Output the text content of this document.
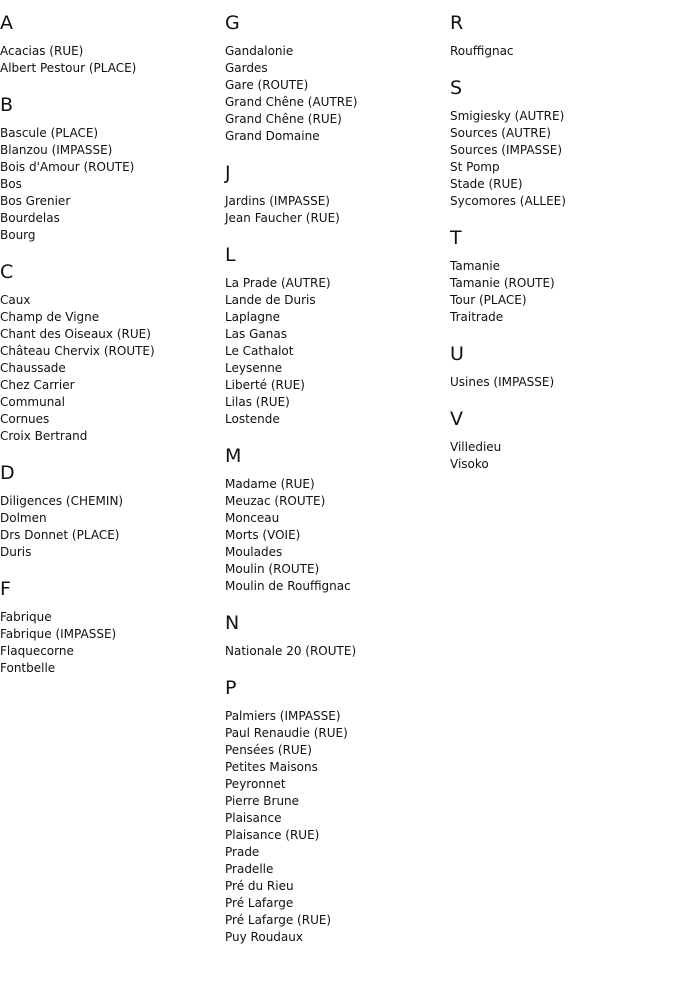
A
Acacias (RUE)
Albert Pestour (PLACE)
B
Bascule (PLACE)
Blanzou (IMPASSE)
Bois d'Amour (ROUTE)
Bos
Bos Grenier
Bourdelas
Bourg
C
Caux
Champ de Vigne
Chant des Oiseaux (RUE)
Château Chervix (ROUTE)
Chaussade
Chez Carrier
Communal
Cornues
Croix Bertrand
D
Diligences (CHEMIN)
Dolmen
Drs Donnet (PLACE)
Duris
F
Fabrique
Fabrique (IMPASSE)
Flaquecorne
Fontbelle
G
Gandalonie
Gardes
Gare (ROUTE)
Grand Chêne (AUTRE)
Grand Chêne (RUE)
Grand Domaine
J
Jardins (IMPASSE)
Jean Faucher (RUE)
L
La Prade (AUTRE)
Lande de Duris
Laplagne
Las Ganas
Le Cathalot
Leysenne
Liberté (RUE)
Lilas (RUE)
Lostende
M
Madame (RUE)
Meuzac (ROUTE)
Monceau
Morts (VOIE)
Moulades
Moulin (ROUTE)
Moulin de Rouffignac
N
Nationale 20 (ROUTE)
P
Palmiers (IMPASSE)
Paul Renaudie (RUE)
Pensées (RUE)
Petites Maisons
Peyronnet
Pierre Brune
Plaisance
Plaisance (RUE)
Prade
Pradelle
Pré du Rieu
Pré Lafarge
Pré Lafarge (RUE)
Puy Roudaux
R
Rouffignac
S
Smigiesky (AUTRE)
Sources (AUTRE)
Sources (IMPASSE)
St Pomp
Stade (RUE)
Sycomores (ALLEE)
T
Tamanie
Tamanie (ROUTE)
Tour (PLACE)
Traitrade
U
Usines (IMPASSE)
V
Villedieu
Visoko
